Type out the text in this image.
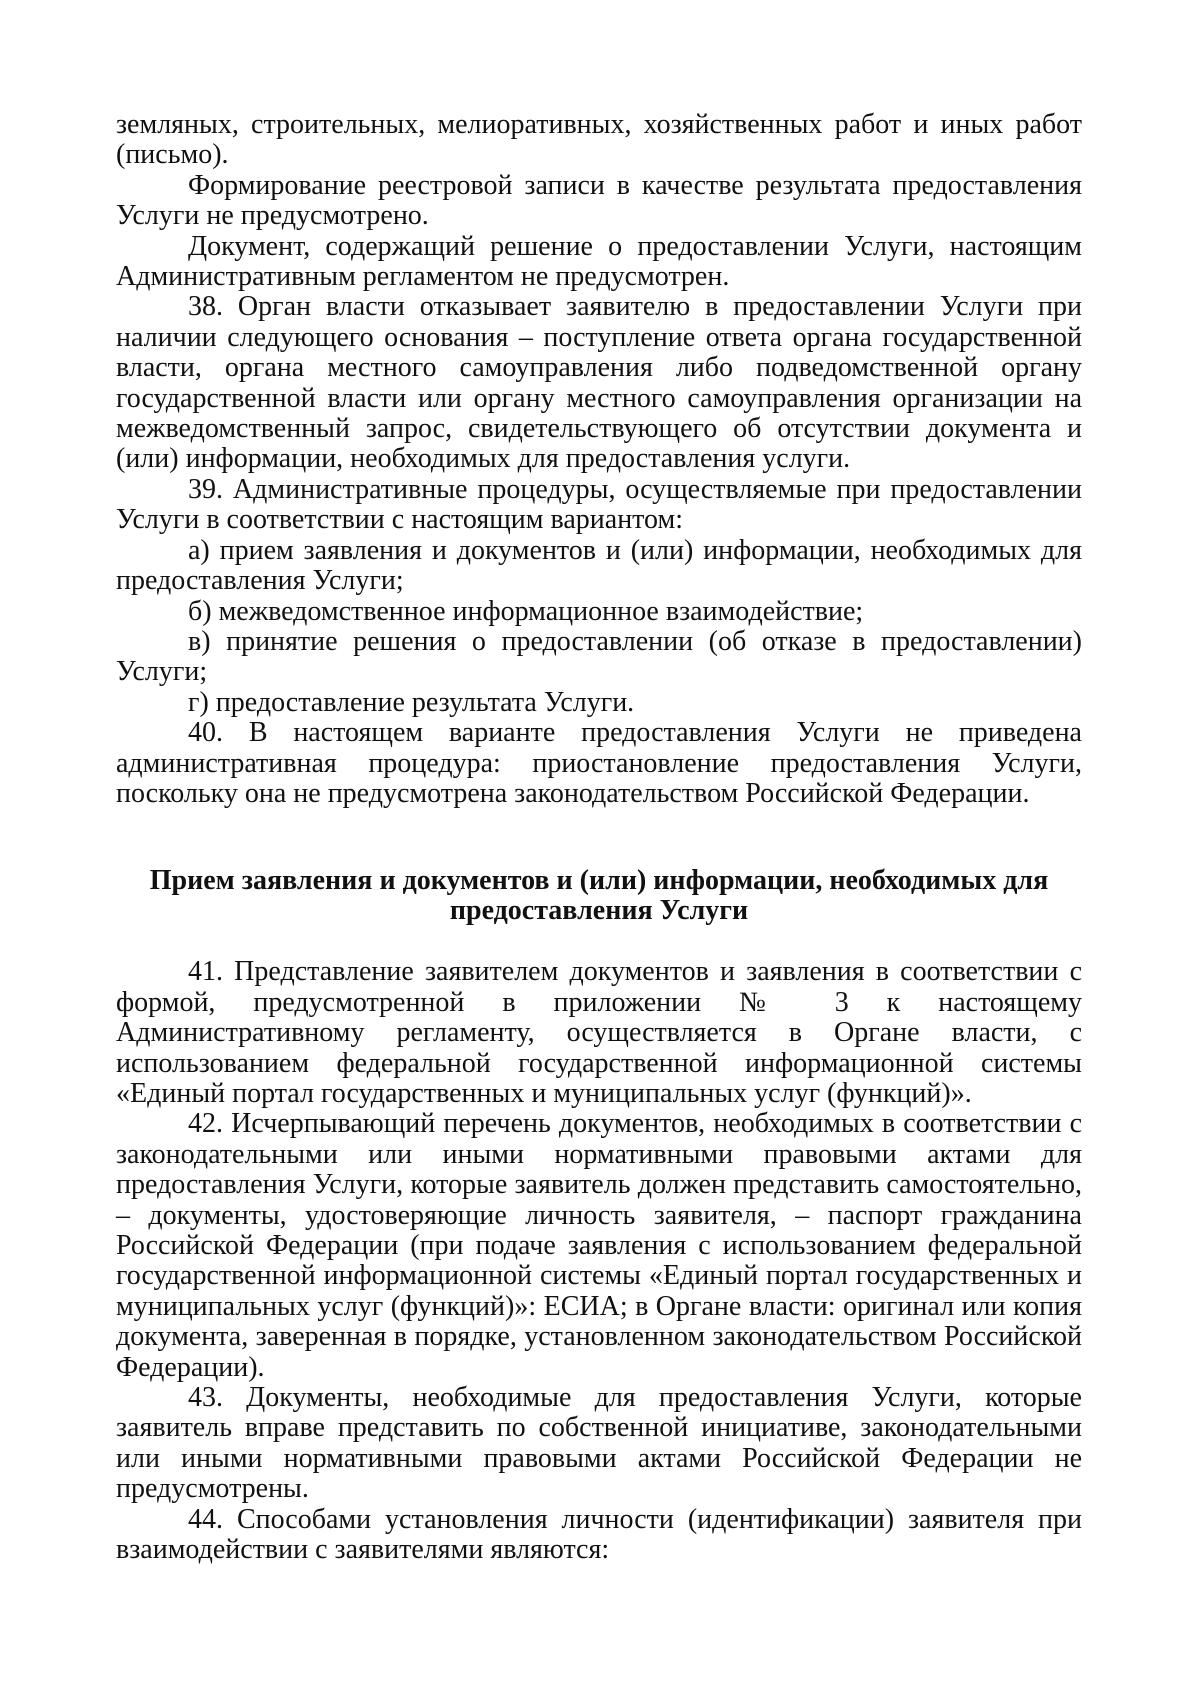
земляных, строительных, мелиоративных, хозяйственных работ и иных работ (письмо).

Формирование реестровой записи в качестве результата предоставления Услуги не предусмотрено.

Документ, содержащий решение о предоставлении Услуги, настоящим Административным регламентом не предусмотрен.

38. Орган власти отказывает заявителю в предоставлении Услуги при наличии следующего основания – поступление ответа органа государственной власти, органа местного самоуправления либо подведомственной органу государственной власти или органу местного самоуправления организации на межведомственный запрос, свидетельствующего об отсутствии документа и (или) информации, необходимых для предоставления услуги.

39. Административные процедуры, осуществляемые при предоставлении Услуги в соответствии с настоящим вариантом:

а) прием заявления и документов и (или) информации, необходимых для предоставления Услуги;

б) межведомственное информационное взаимодействие;

в) принятие решения о предоставлении (об отказе в предоставлении) Услуги;

г) предоставление результата Услуги.

40. В настоящем варианте предоставления Услуги не приведена административная процедура: приостановление предоставления Услуги, поскольку она не предусмотрена законодательством Российской Федерации.

Прием заявления и документов и (или) информации, необходимых для предоставления Услуги

41. Представление заявителем документов и заявления в соответствии с формой, предусмотренной в приложении № 3 к настоящему Административному регламенту, осуществляется в Органе власти, с использованием федеральной государственной информационной системы «Единый портал государственных и муниципальных услуг (функций)».

42. Исчерпывающий перечень документов, необходимых в соответствии с законодательными или иными нормативными правовыми актами для предоставления Услуги, которые заявитель должен представить самостоятельно, – документы, удостоверяющие личность заявителя, – паспорт гражданина Российской Федерации (при подаче заявления с использованием федеральной государственной информационной системы «Единый портал государственных и муниципальных услуг (функций)»: ЕСИА; в Органе власти: оригинал или копия документа, заверенная в порядке, установленном законодательством Российской Федерации).

43. Документы, необходимые для предоставления Услуги, которые заявитель вправе представить по собственной инициативе, законодательными или иными нормативными правовыми актами Российской Федерации не предусмотрены.

44. Способами установления личности (идентификации) заявителя при взаимодействии с заявителями являются:
